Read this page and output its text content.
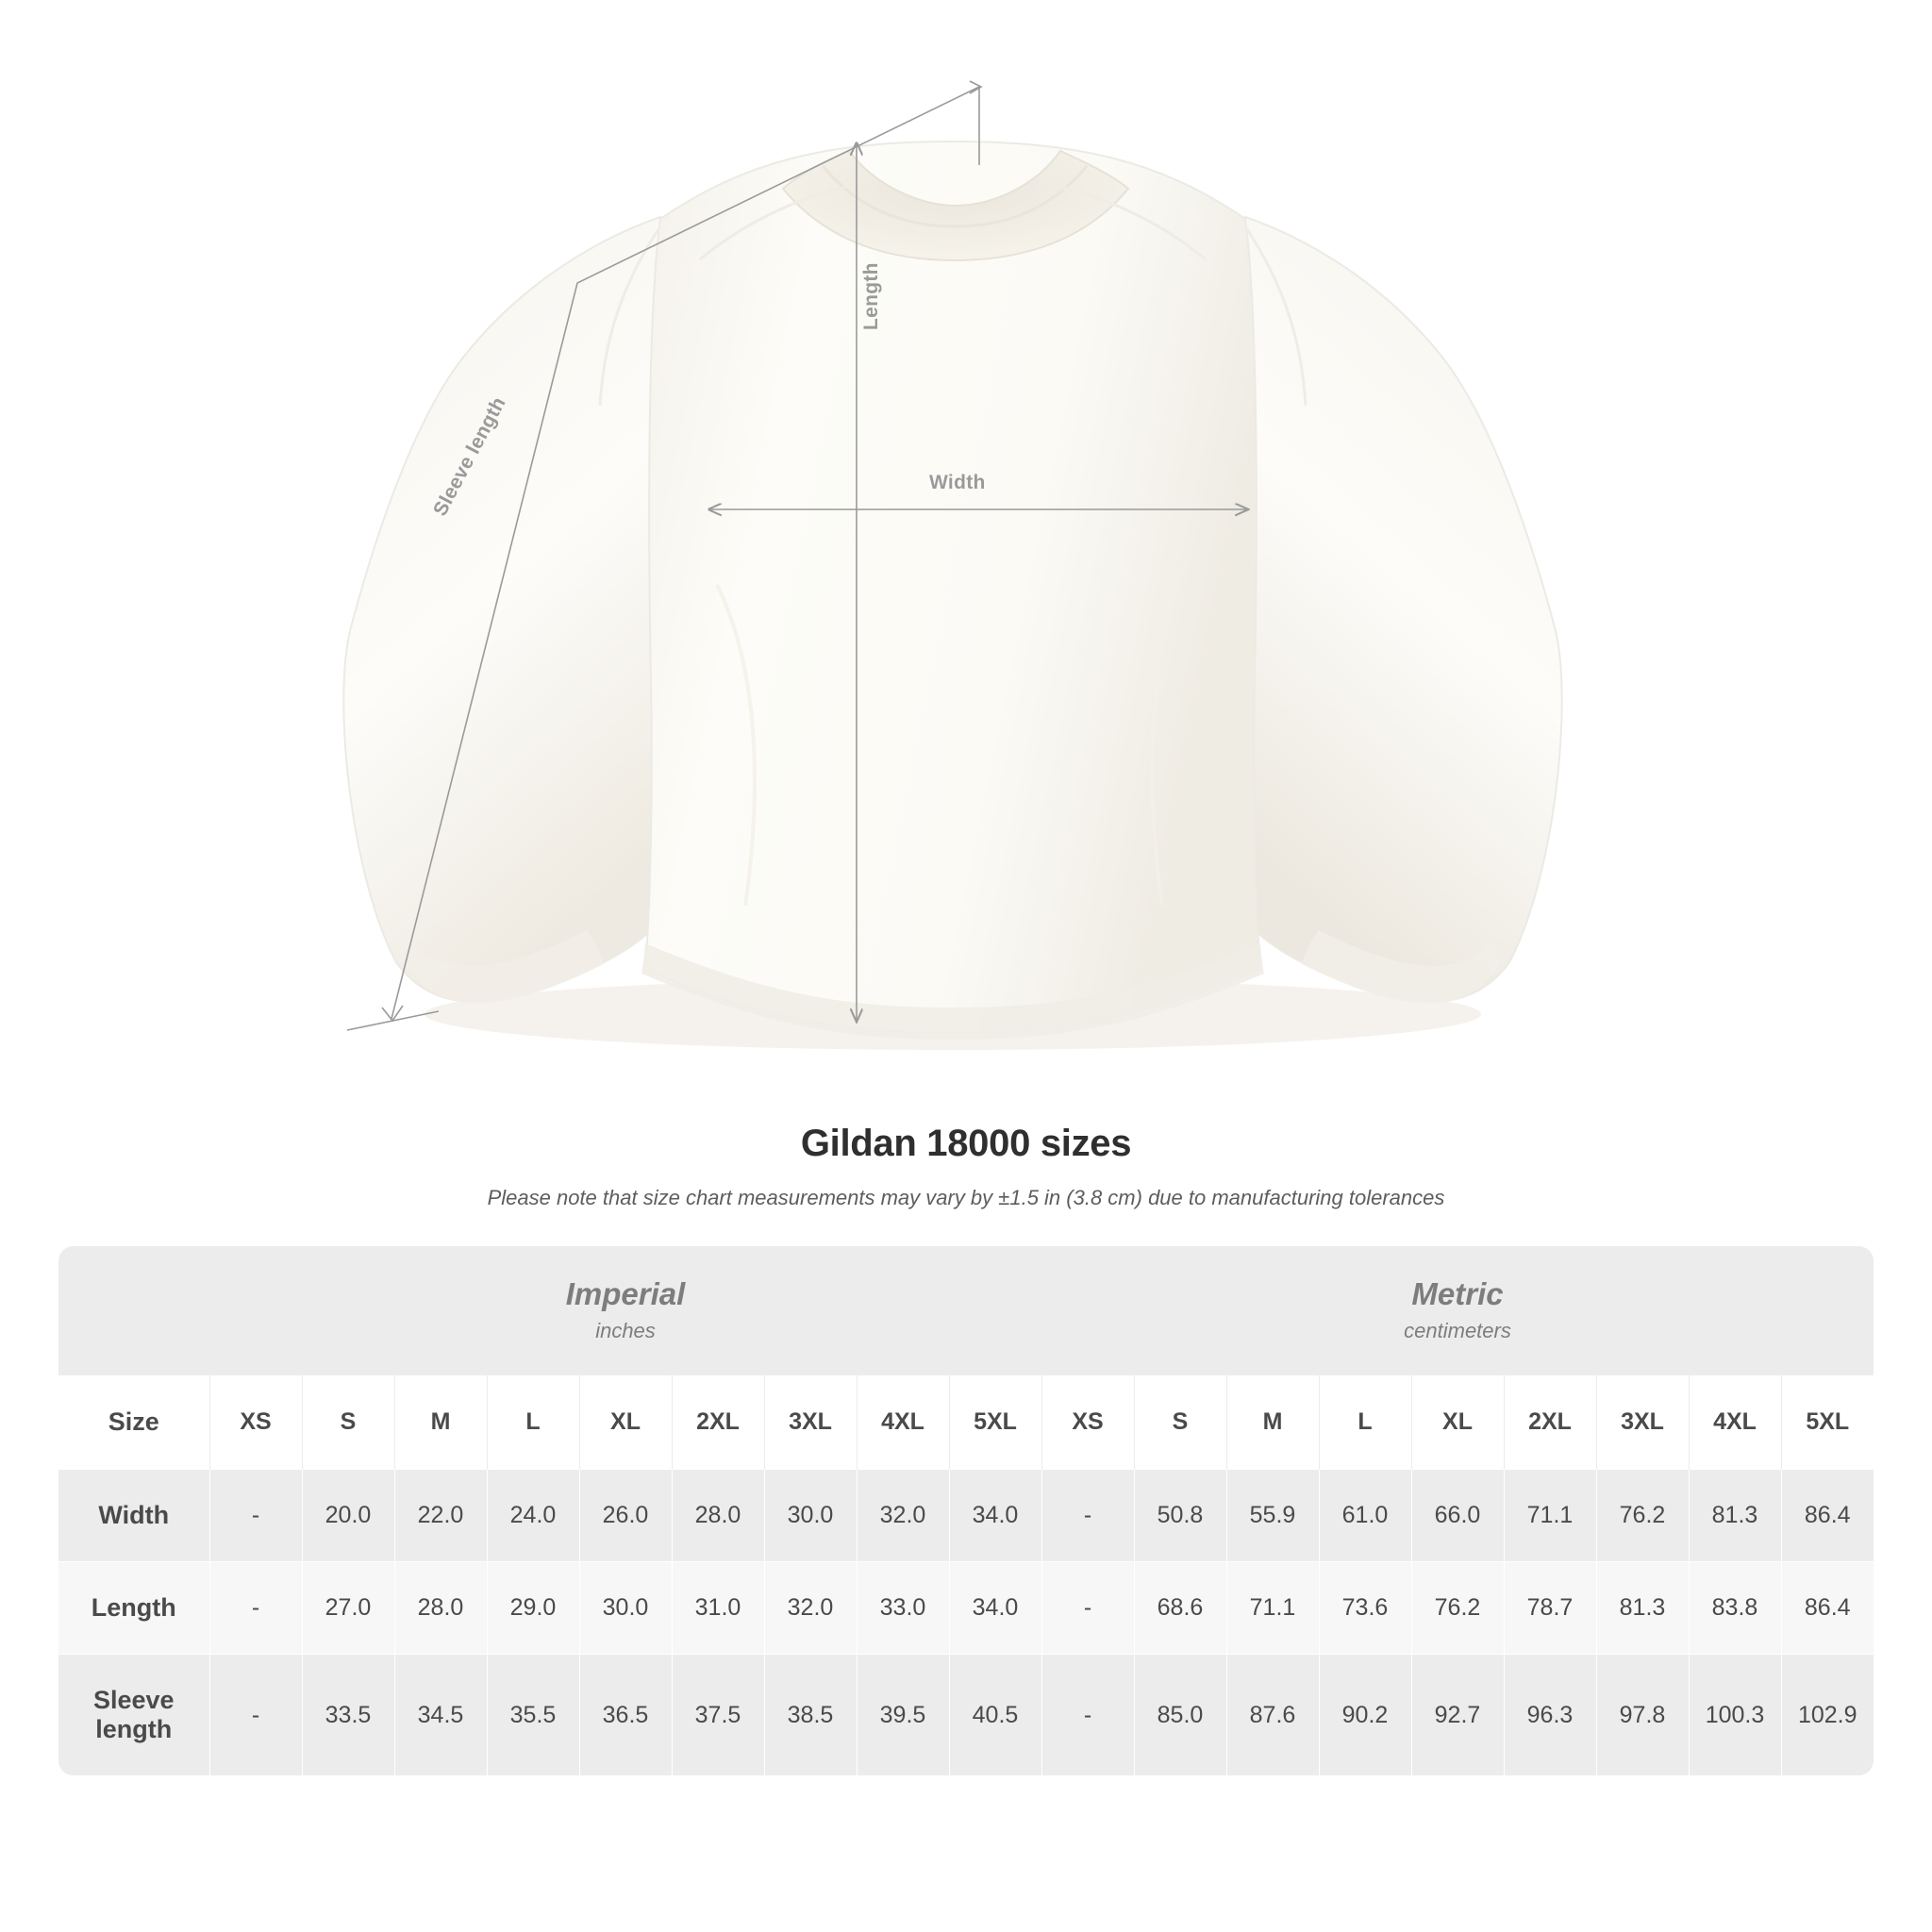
Width
Length
Sleeve length
Gildan 18000 sizes
Please note that size chart measurements may vary by ±1.5 in (3.8 cm) due to manufacturing tolerances

Imperial
inches

Metric
centimeters

Size	XS	S	M	L	XL	2XL	3XL	4XL	5XL	XS	S	M	L	XL	2XL	3XL	4XL	5XL
Width	-	20.0	22.0	24.0	26.0	28.0	30.0	32.0	34.0	-	50.8	55.9	61.0	66.0	71.1	76.2	81.3	86.4
Length	-	27.0	28.0	29.0	30.0	31.0	32.0	33.0	34.0	-	68.6	71.1	73.6	76.2	78.7	81.3	83.8	86.4
Sleeve length	-	33.5	34.5	35.5	36.5	37.5	38.5	39.5	40.5	-	85.0	87.6	90.2	92.7	96.3	97.8	100.3	102.9
